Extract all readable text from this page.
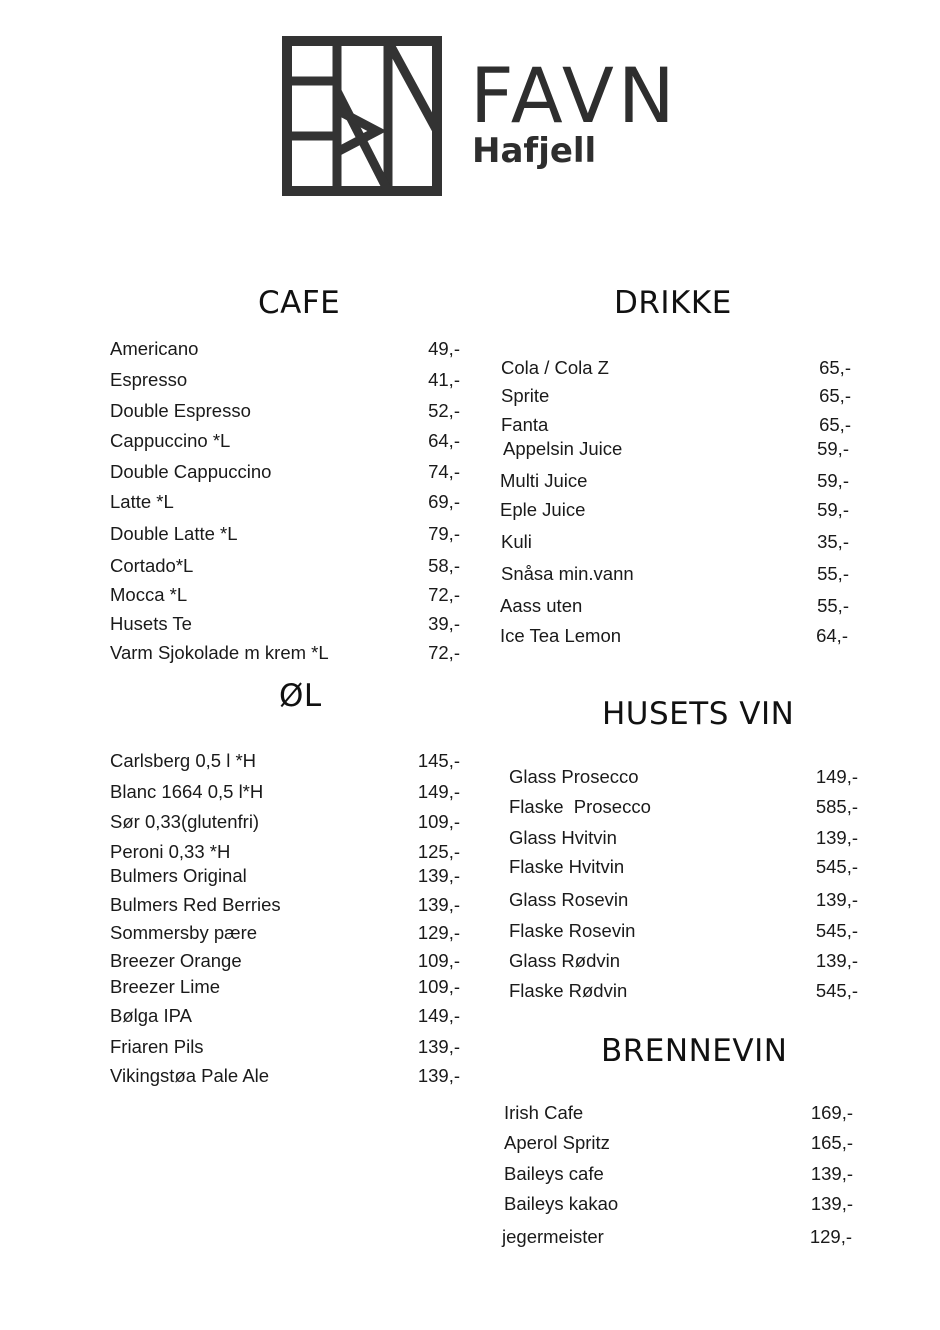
FAVN
Hafjell
CAFE	DRIKKE
ØL	HUSETS VIN
BRENNEVIN
Americano	49,-
Espresso	41,-
Double Espresso	52,-
Cappuccino *L	64,-
Double Cappuccino	74,-
Latte *L	69,-
Double Latte *L	79,-
Cortado*L	58,-
Mocca *L	72,-
Husets Te	39,-
Varm Sjokolade m krem *L	72,-
Carlsberg 0,5 l *H	145,-
Blanc 1664 0,5 l*H	149,-
Sør 0,33(glutenfri)	109,-
Peroni 0,33 *H	125,-
Bulmers Original	139,-
Bulmers Red Berries	139,-
Sommersby pære	129,-
Breezer Orange	109,-
Breezer Lime	109,-
Bølga IPA	149,-
Friaren Pils	139,-
Vikingstøa Pale Ale	139,-
Cola / Cola Z	65,-
Sprite	65,-
Fanta	65,-
Appelsin Juice	59,-
Multi Juice	59,-
Eple Juice	59,-
Kuli	35,-
Snåsa min.vann	55,-
Aass uten	55,-
Ice Tea Lemon	64,-
Glass Prosecco	149,-
Flaske  Prosecco	585,-
Glass Hvitvin	139,-
Flaske Hvitvin	545,-
Glass Rosevin	139,-
Flaske Rosevin	545,-
Glass Rødvin	139,-
Flaske Rødvin	545,-
Irish Cafe	169,-
Aperol Spritz	165,-
Baileys cafe	139,-
Baileys kakao	139,-
jegermeister	129,-
